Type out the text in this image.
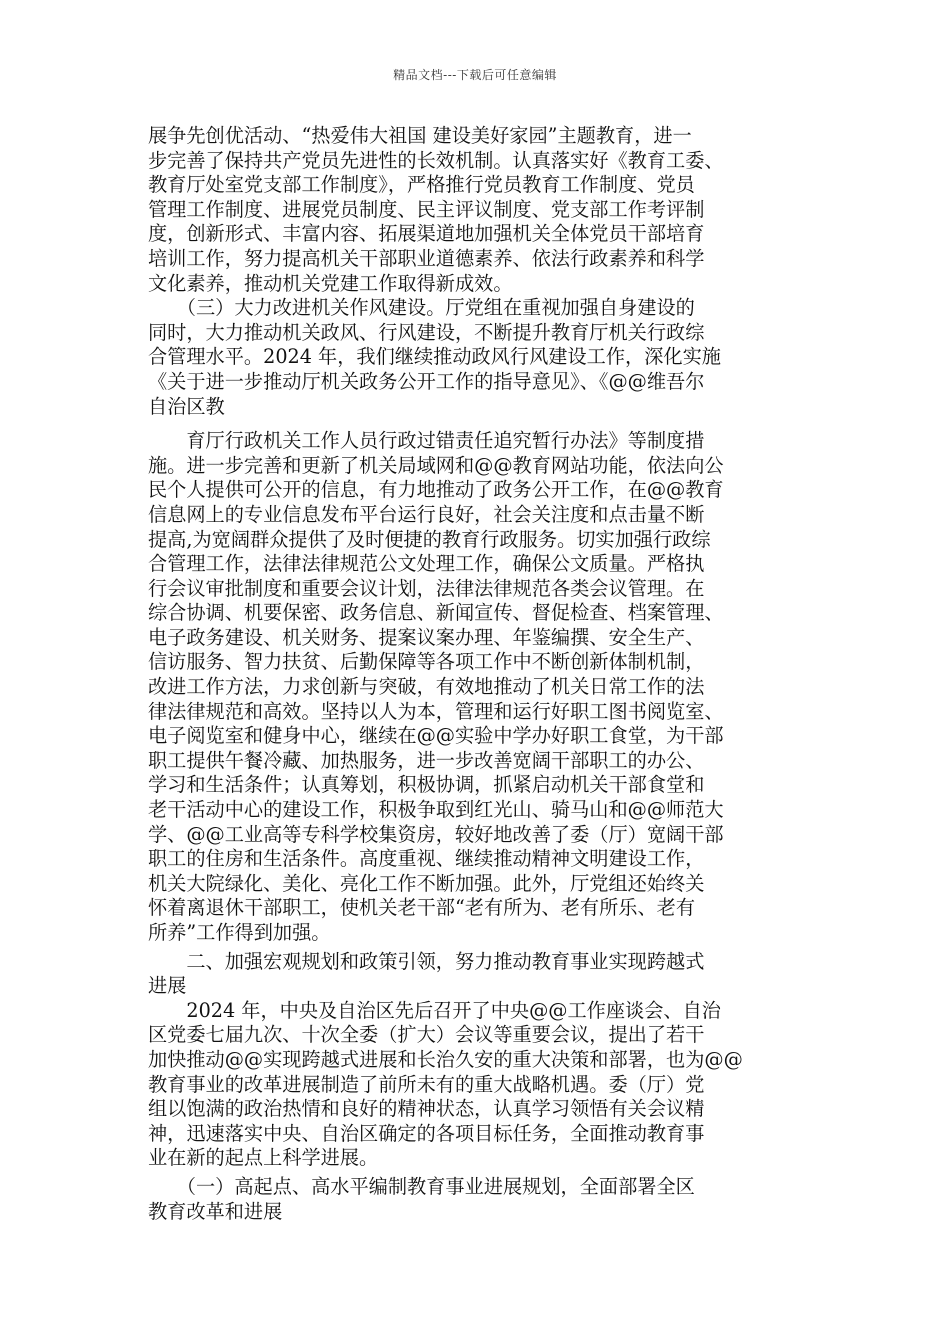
精品文档---下载后可任意编辑
展争先创优活动、“热爱伟大祖国 建设美好家园”主题教育，进一
步完善了保持共产党员先进性的长效机制。认真落实好《教育工委、
教育厅处室党支部工作制度》，严格推行党员教育工作制度、党员
管理工作制度、进展党员制度、民主评议制度、党支部工作考评制
度，创新形式、丰富内容、拓展渠道地加强机关全体党员干部培育
培训工作，努力提高机关干部职业道德素养、依法行政素养和科学
文化素养，推动机关党建工作取得新成效。
　　（三）大力改进机关作风建设。厅党组在重视加强自身建设的
同时，大力推动机关政风、行风建设，不断提升教育厅机关行政综
合管理水平。2024 年，我们继续推动政风行风建设工作，深化实施
《关于进一步推动厅机关政务公开工作的指导意见》、《@@维吾尔
自治区教
　　育厅行政机关工作人员行政过错责任追究暂行办法》等制度措
施。进一步完善和更新了机关局域网和@@教育网站功能，依法向公
民个人提供可公开的信息，有力地推动了政务公开工作，在@@教育
信息网上的专业信息发布平台运行良好，社会关注度和点击量不断
提高,为宽阔群众提供了及时便捷的教育行政服务。切实加强行政综
合管理工作，法律法律规范公文处理工作，确保公文质量。严格执
行会议审批制度和重要会议计划，法律法律规范各类会议管理。在
综合协调、机要保密、政务信息、新闻宣传、督促检查、档案管理、
电子政务建设、机关财务、提案议案办理、年鉴编撰、安全生产、
信访服务、智力扶贫、后勤保障等各项工作中不断创新体制机制，
改进工作方法，力求创新与突破，有效地推动了机关日常工作的法
律法律规范和高效。坚持以人为本，管理和运行好职工图书阅览室、
电子阅览室和健身中心，继续在@@实验中学办好职工食堂，为干部
职工提供午餐冷藏、加热服务，进一步改善宽阔干部职工的办公、
学习和生活条件；认真筹划，积极协调，抓紧启动机关干部食堂和
老干活动中心的建设工作，积极争取到红光山、骑马山和@@师范大
学、@@工业高等专科学校集资房，较好地改善了委（厅）宽阔干部
职工的住房和生活条件。高度重视、继续推动精神文明建设工作，
机关大院绿化、美化、亮化工作不断加强。此外，厅党组还始终关
怀着离退休干部职工，使机关老干部“老有所为、老有所乐、老有
所养”工作得到加强。
　　二、加强宏观规划和政策引领，努力推动教育事业实现跨越式
进展
　　2024 年，中央及自治区先后召开了中央@@工作座谈会、自治
区党委七届九次、十次全委（扩大）会议等重要会议，提出了若干
加快推动@@实现跨越式进展和长治久安的重大决策和部署，也为@@
教育事业的改革进展制造了前所未有的重大战略机遇。委（厅）党
组以饱满的政治热情和良好的精神状态，认真学习领悟有关会议精
神，迅速落实中央、自治区确定的各项目标任务，全面推动教育事
业在新的起点上科学进展。
　　（一）高起点、高水平编制教育事业进展规划，全面部署全区
教育改革和进展
